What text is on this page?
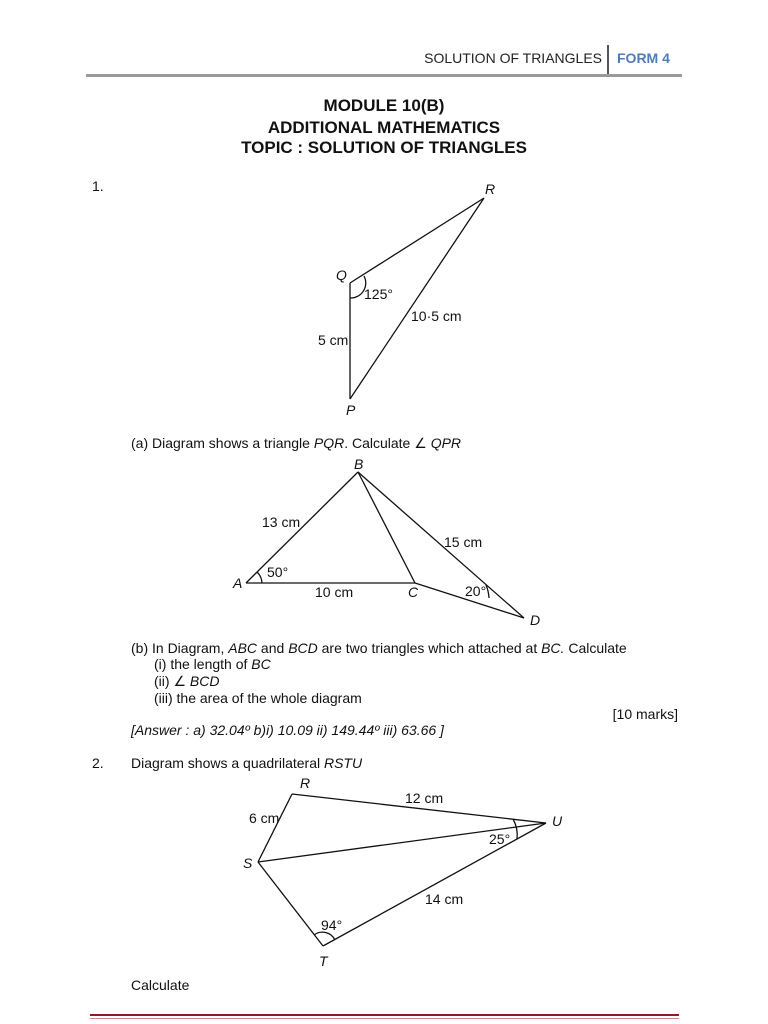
SOLUTION OF TRIANGLES FORM 4
MODULE 10(B)
ADDITIONAL MATHEMATICS
TOPIC : SOLUTION OF TRIANGLES
1.	R
Q
P
125°
10·5 cm
5 cm
(a) Diagram shows a triangle PQR. Calculate ∠ QPR
B
A
C
D
13 cm
15 cm
10 cm
50°
20°
(b) In Diagram, ABC and BCD are two triangles which attached at BC. Calculate
(i) the length of BC
(ii) ∠ BCD
(iii) the area of the whole diagram
[10 marks]
[Answer : a) 32.04º b)i) 10.09 ii) 149.44º iii) 63.66 ]
2. Diagram shows a quadrilateral RSTU
R
U
S
T
6 cm
12 cm
14 cm
25°
94°
Calculate
